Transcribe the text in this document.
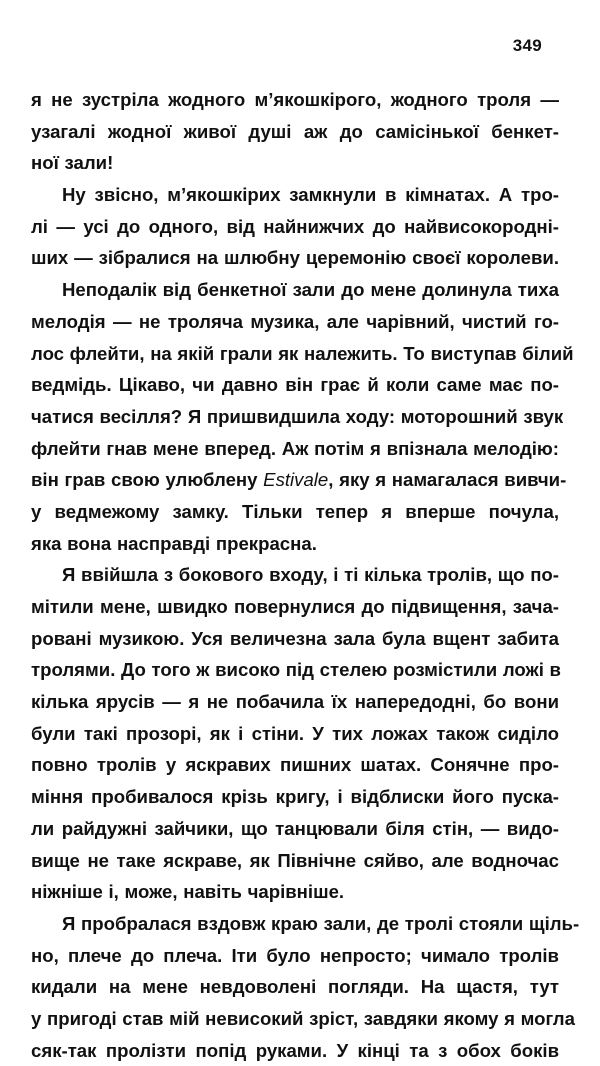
349

я не зустріла жодного м’якошкірого, жодного троля —
узагалі жодної живої душі аж до самісінької бенкет-
ної зали!

Ну звісно, м’якошкірих замкнули в кімнатах. А тро-
лі — усі до одного, від найнижчих до найвисокородні-
ших — зібралися на шлюбну церемонію своєї королеви.

Неподалік від бенкетної зали до мене долинула тиха
мелодія — не троляча музика, але чарівний, чистий го-
лос флейти, на якій грали як належить. То виступав білий
ведмідь. Цікаво, чи давно він грає й коли саме має по-
чатися весілля? Я пришвидшила ходу: моторошний звук
флейти гнав мене вперед. Аж потім я впізнала мелодію:
він грав свою улюблену Estivale, яку я намагалася вивчи-
у ведмежому замку. Тільки тепер я вперше почула,
яка вона насправді прекрасна.

Я ввійшла з бокового входу, і ті кілька тролів, що по-
мітили мене, швидко повернулися до підвищення, зача-
ровані музикою. Уся величезна зала була вщент забита
тролями. До того ж високо під стелею розмістили ложі в
кілька ярусів — я не побачила їх напередодні, бо вони
були такі прозорі, як і стіни. У тих ложах також сиділо
повно тролів у яскравих пишних шатах. Сонячне про-
міння пробивалося крізь кригу, і відблиски його пуска-
ли райдужні зайчики, що танцювали біля стін, — видо-
вище не таке яскраве, як Північне сяйво, але водночас
ніжніше і, може, навіть чарівніше.

Я пробралася вздовж краю зали, де тролі стояли щіль-
но, плече до плеча. Іти було непросто; чимало тролів
кидали на мене невдоволені погляди. На щастя, тут
у пригоді став мій невисокий зріст, завдяки якому я могла
сяк-так пролізти попід руками. У кінці та з обох боків
